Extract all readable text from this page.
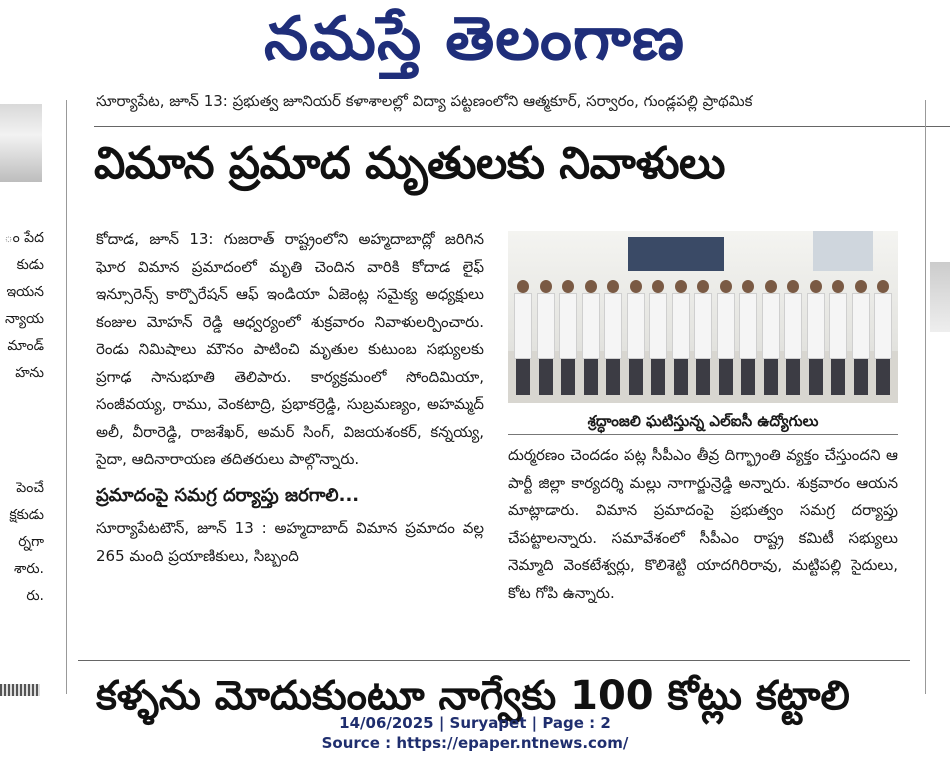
నమస్తే తెలంగాణ
ం పేద
కుడు
ఇయన
న్యాయ
మాండ్
హను
పెంచే
క్షకుడు
ర్నగా
శారు.
రు.
సూర్యాపేట, జూన్ 13: ప్రభుత్వ జూనియర్ కళాశాలల్లో విద్యా పట్టణంలోని ఆత్మకూర్, సర్వారం, గుండ్లపల్లి ప్రాథమిక
విమాన ప్రమాద మృతులకు నివాళులు

కోదాడ, జూన్ 13: గుజరాత్ రాష్ట్రంలోని అహ్మదాబాద్లో జరిగిన ఘోర విమాన ప్రమాదంలో మృతి చెందిన వారికి కోదాడ లైఫ్ ఇన్సూరెన్స్ కార్పొరేషన్ ఆఫ్ ఇండియా ఏజెంట్ల సమైక్య అధ్యక్షులు కంజుల మోహన్ రెడ్డి ఆధ్వర్యంలో శుక్రవారం నివాళులర్పించారు. రెండు నిమిషాలు మౌనం పాటించి మృతుల కుటుంబ సభ్యులకు ప్రగాఢ సానుభూతి తెలిపారు. కార్యక్రమంలో సోందిమియా, సంజీవయ్య, రాము, వెంకటాద్రి, ప్రభాకర్రెడ్డి, సుబ్రమణ్యం, అహమ్మద్ అలీ, వీరారెడ్డి, రాజశేఖర్, అమర్ సింగ్, విజయశంకర్, కన్నయ్య, సైదా, ఆదినారాయణ తదితరులు పాల్గొన్నారు.

ప్రమాదంపై సమగ్ర దర్యాప్తు జరగాలి...

సూర్యాపేటటౌన్, జూన్ 13 : అహ్మదాబాద్ విమాన ప్రమాదం వల్ల 265 మంది ప్రయాణికులు, సిబ్బంది

శ్రద్ధాంజలి ఘటిస్తున్న ఎల్ఐసీ ఉద్యోగులు

దుర్మరణం చెందడం పట్ల సీపీఎం తీవ్ర దిగ్భ్రాంతి వ్యక్తం చేస్తుందని ఆ పార్టీ జిల్లా కార్యదర్శి మల్లు నాగార్జున్రెడ్డి అన్నారు. శుక్రవారం ఆయన మాట్లాడారు. విమాన ప్రమాదంపై ప్రభుత్వం సమగ్ర దర్యాప్తు చేపట్టాలన్నారు. సమావేశంలో సీపీఎం రాష్ట్ర కమిటీ సభ్యులు నెమ్మాది వెంకటేశ్వర్లు, కొలిశెట్టి యాదగిరిరావు, మట్టిపల్లి సైదులు, కోట గోపి ఉన్నారు.

కళ్ళను మోదుకుంటూ నాగ్వేకు 100 కోట్లు కట్టాలి
14/06/2025 | Suryapet | Page : 2
Source : https://epaper.ntnews.com/
